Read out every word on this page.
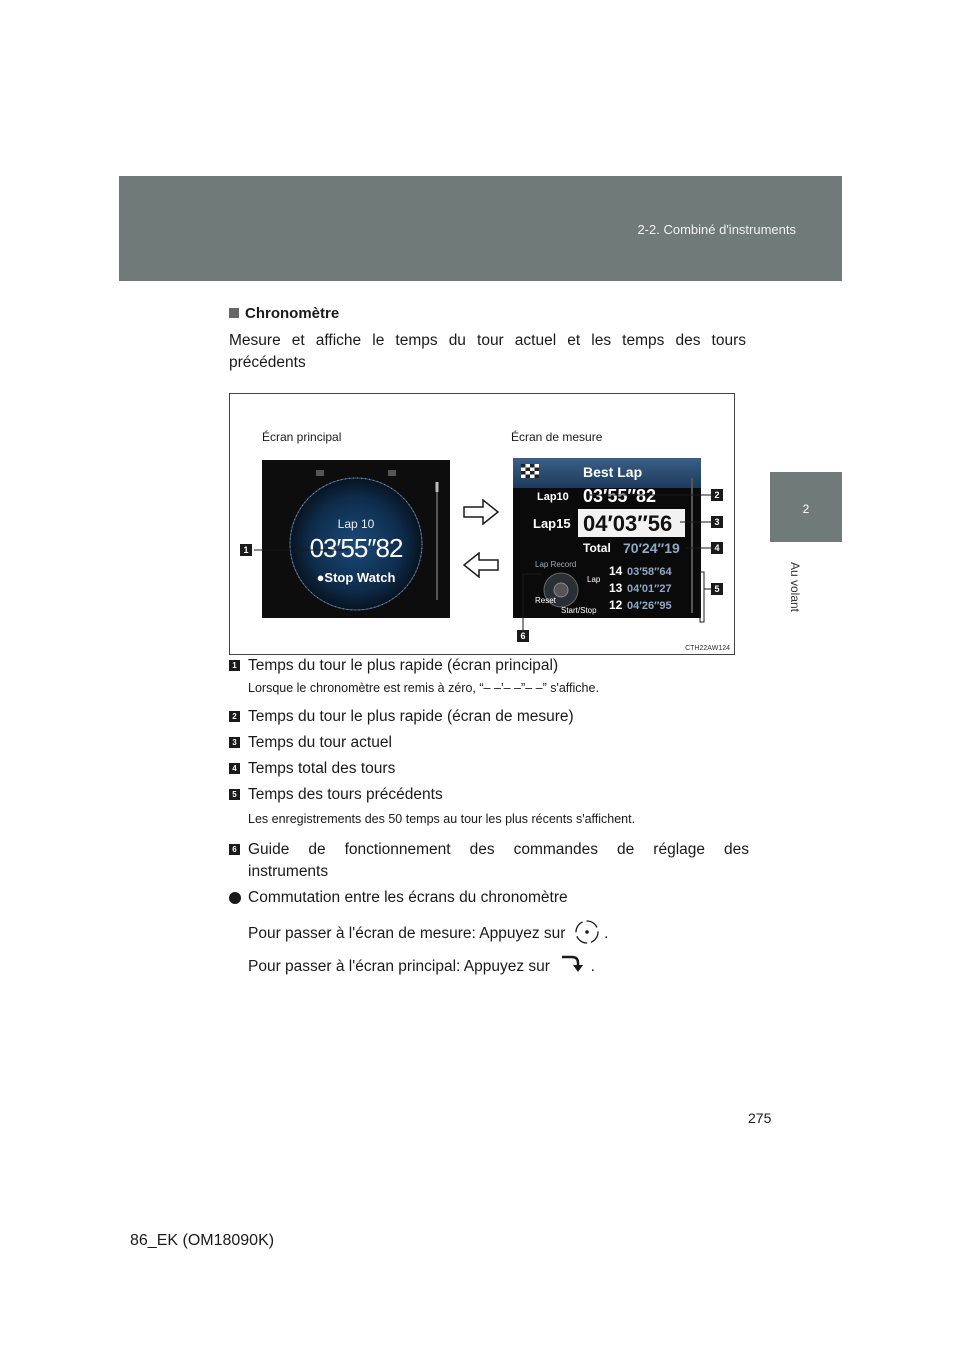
2-2. Combiné d'instruments
2
Au volant
Chronomètre
Mesure et affiche le temps du tour actuel et les temps des tours précédents
Écran principal	Écran de mesure
Lap 10
03′55″82
●Stop Watch
Best Lap
Lap10 03′55″82
Lap15 04′03″56
Total 70′24″19
Lap Record
Reset
Lap
Start/Stop
14 03′58″64
13 04′01″27
12 04′26″95
1
2
3
4
5
6
CTH22AW124
1 Temps du tour le plus rapide (écran principal)
Lorsque le chronomètre est remis à zéro, “– –’– –”– –” s'affiche.
2 Temps du tour le plus rapide (écran de mesure)
3 Temps du tour actuel
4 Temps total des tours
5 Temps des tours précédents
Les enregistrements des 50 temps au tour les plus récents s'affichent.
6 Guide de fonctionnement des commandes de réglage des instruments
Commutation entre les écrans du chronomètre
Pour passer à l'écran de mesure: Appuyez sur .
Pour passer à l'écran principal: Appuyez sur	.
275
86_EK (OM18090K)
